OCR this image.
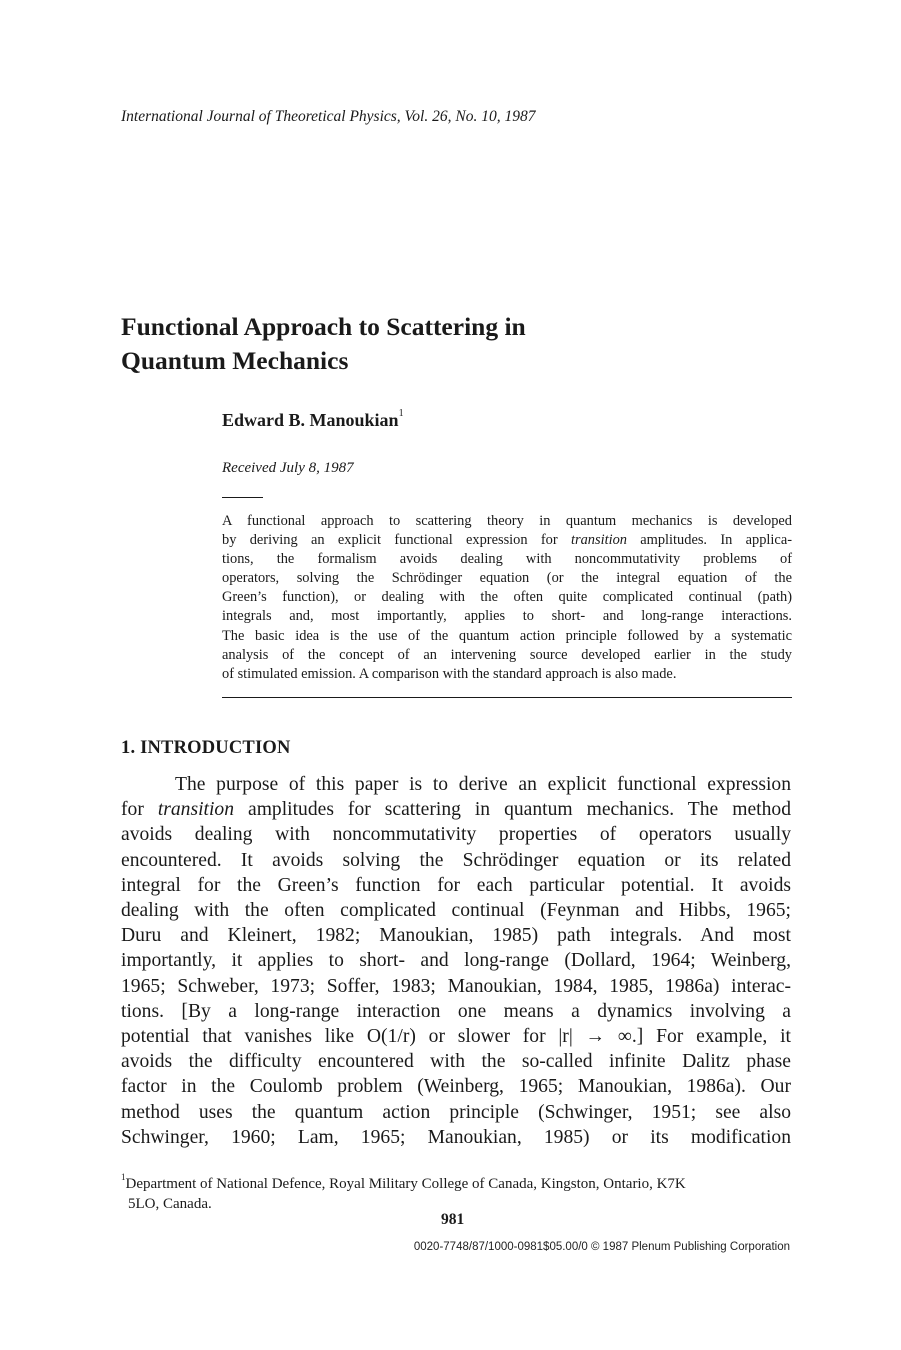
International Journal of Theoretical Physics, Vol. 26, No. 10, 1987
Functional Approach to Scattering in
Quantum Mechanics
Edward B. Manoukian$^1$
Received July 8, 1987
A functional approach to scattering theory in quantum mechanics is developed
by deriving an explicit functional expression for transition amplitudes. In applica-
tions, the formalism avoids dealing with noncommutativity problems of
operators, solving the Schrödinger equation (or the integral equation of the
Green’s function), or dealing with the often quite complicated continual (path)
integrals and, most importantly, applies to short- and long-range interactions.
The basic idea is the use of the quantum action principle followed by a systematic
analysis of the concept of an intervening source developed earlier in the study
of stimulated emission. A comparison with the standard approach is also made.
1. INTRODUCTION
The purpose of this paper is to derive an explicit functional expression
for transition amplitudes for scattering in quantum mechanics. The method
avoids dealing with noncommutativity properties of operators usually
encountered. It avoids solving the Schrödinger equation or its related
integral for the Green’s function for each particular potential. It avoids
dealing with the often complicated continual (Feynman and Hibbs, 1965;
Duru and Kleinert, 1982; Manoukian, 1985) path integrals. And most
importantly, it applies to short- and long-range (Dollard, 1964; Weinberg,
1965; Schweber, 1973; Soffer, 1983; Manoukian, 1984, 1985, 1986a) interac-
tions. [By a long-range interaction one means a dynamics involving a
potential that vanishes like O(1/r) or slower for |r| → ∞.] For example, it
avoids the difficulty encountered with the so-called infinite Dalitz phase
factor in the Coulomb problem (Weinberg, 1965; Manoukian, 1986a). Our
method uses the quantum action principle (Schwinger, 1951; see also
Schwinger, 1960; Lam, 1965; Manoukian, 1985) or its modification
$^1$Department of National Defence, Royal Military College of Canada, Kingston, Ontario, K7K
5LO, Canada.
981
0020-7748/87/1000-0981$05.00/0 © 1987 Plenum Publishing Corporation
